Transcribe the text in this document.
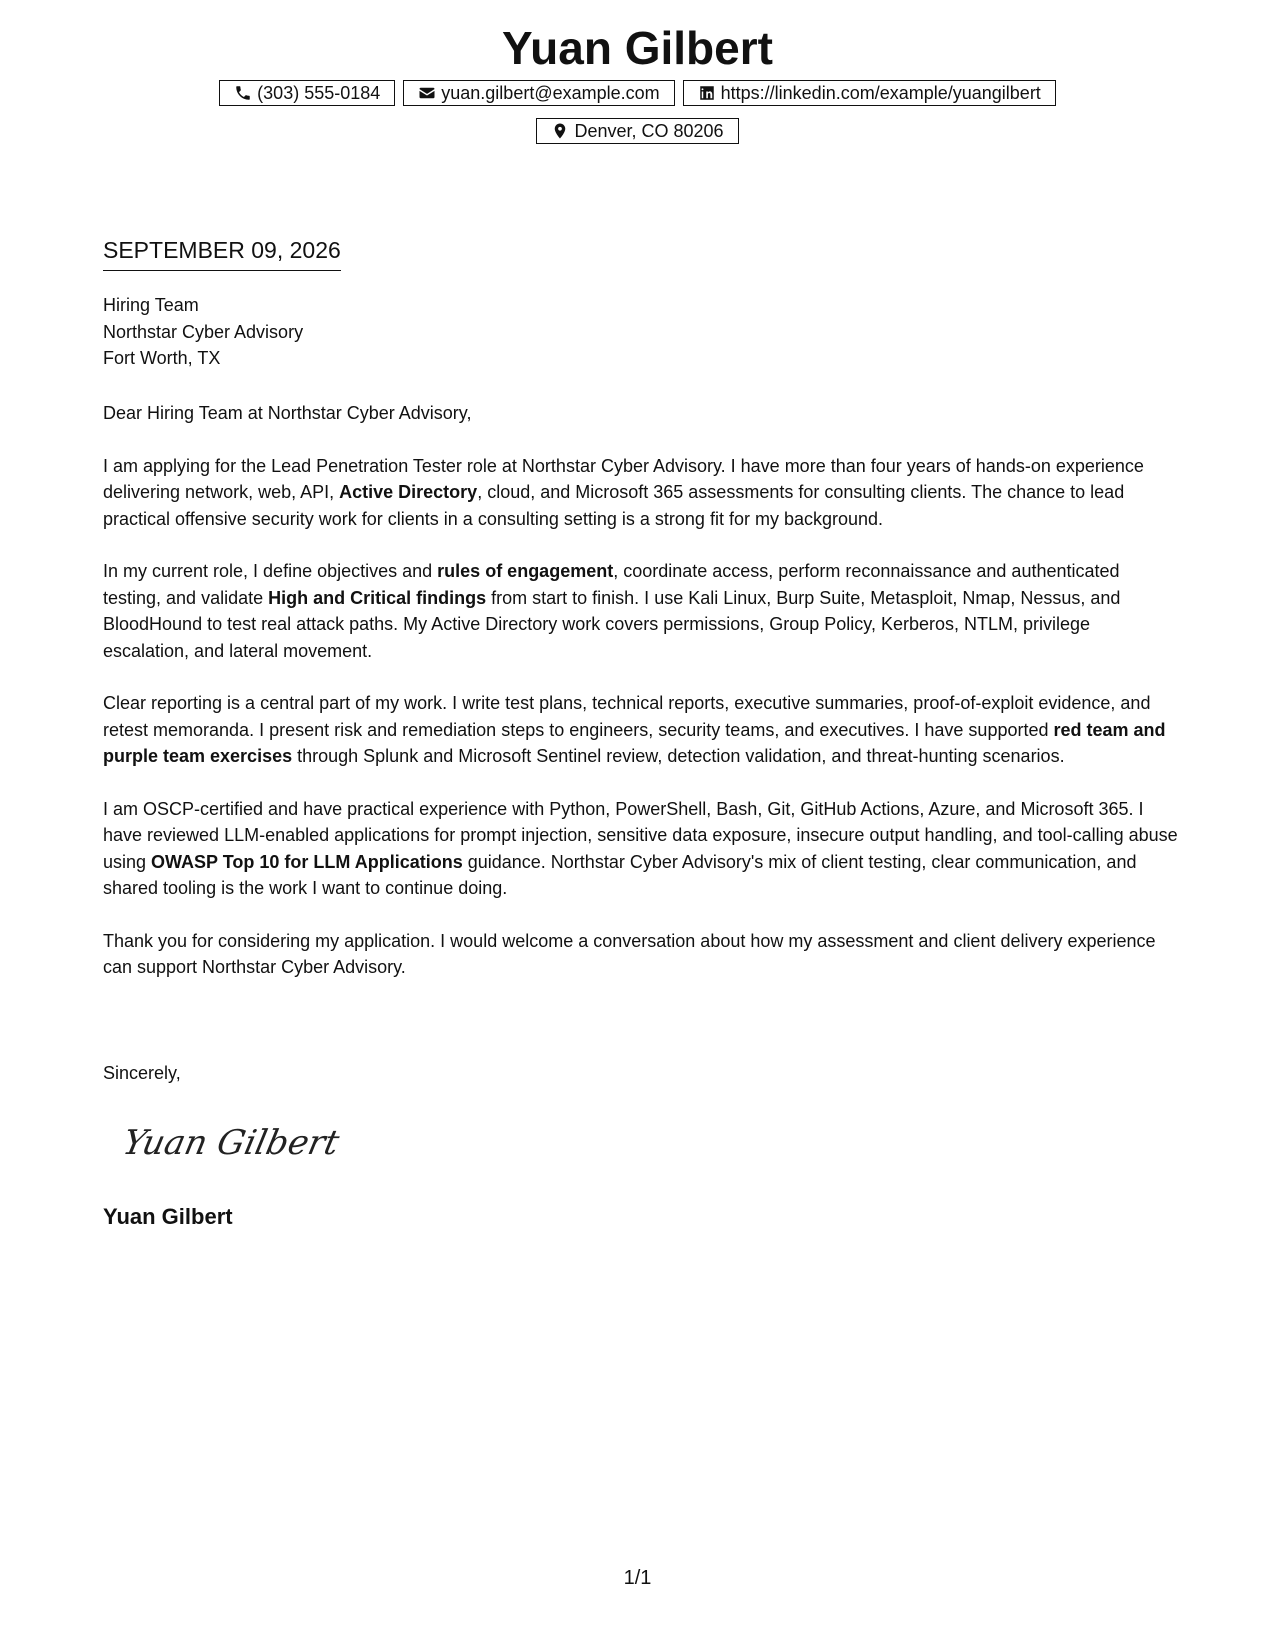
Yuan Gilbert
(303) 555-0184	yuan.gilbert@example.com	https://linkedin.com/example/yuangilbert
Denver, CO 80206
SEPTEMBER 09, 2026
Hiring Team
Northstar Cyber Advisory
Fort Worth, TX

Dear Hiring Team at Northstar Cyber Advisory,

I am applying for the Lead Penetration Tester role at Northstar Cyber Advisory. I have more than four years of hands-on experience delivering network, web, API, Active Directory, cloud, and Microsoft 365 assessments for consulting clients. The chance to lead practical offensive security work for clients in a consulting setting is a strong fit for my background.

In my current role, I define objectives and rules of engagement, coordinate access, perform reconnaissance and authenticated testing, and validate High and Critical findings from start to finish. I use Kali Linux, Burp Suite, Metasploit, Nmap, Nessus, and BloodHound to test real attack paths. My Active Directory work covers permissions, Group Policy, Kerberos, NTLM, privilege escalation, and lateral movement.

Clear reporting is a central part of my work. I write test plans, technical reports, executive summaries, proof-of-exploit evidence, and retest memoranda. I present risk and remediation steps to engineers, security teams, and executives. I have supported red team and purple team exercises through Splunk and Microsoft Sentinel review, detection validation, and threat-hunting scenarios.

I am OSCP-certified and have practical experience with Python, PowerShell, Bash, Git, GitHub Actions, Azure, and Microsoft 365. I have reviewed LLM-enabled applications for prompt injection, sensitive data exposure, insecure output handling, and tool-calling abuse using OWASP Top 10 for LLM Applications guidance. Northstar Cyber Advisory's mix of client testing, clear communication, and shared tooling is the work I want to continue doing.

Thank you for considering my application. I would welcome a conversation about how my assessment and client delivery experience can support Northstar Cyber Advisory.

Sincerely,
Yuan Gilbert
Yuan Gilbert
1/1
